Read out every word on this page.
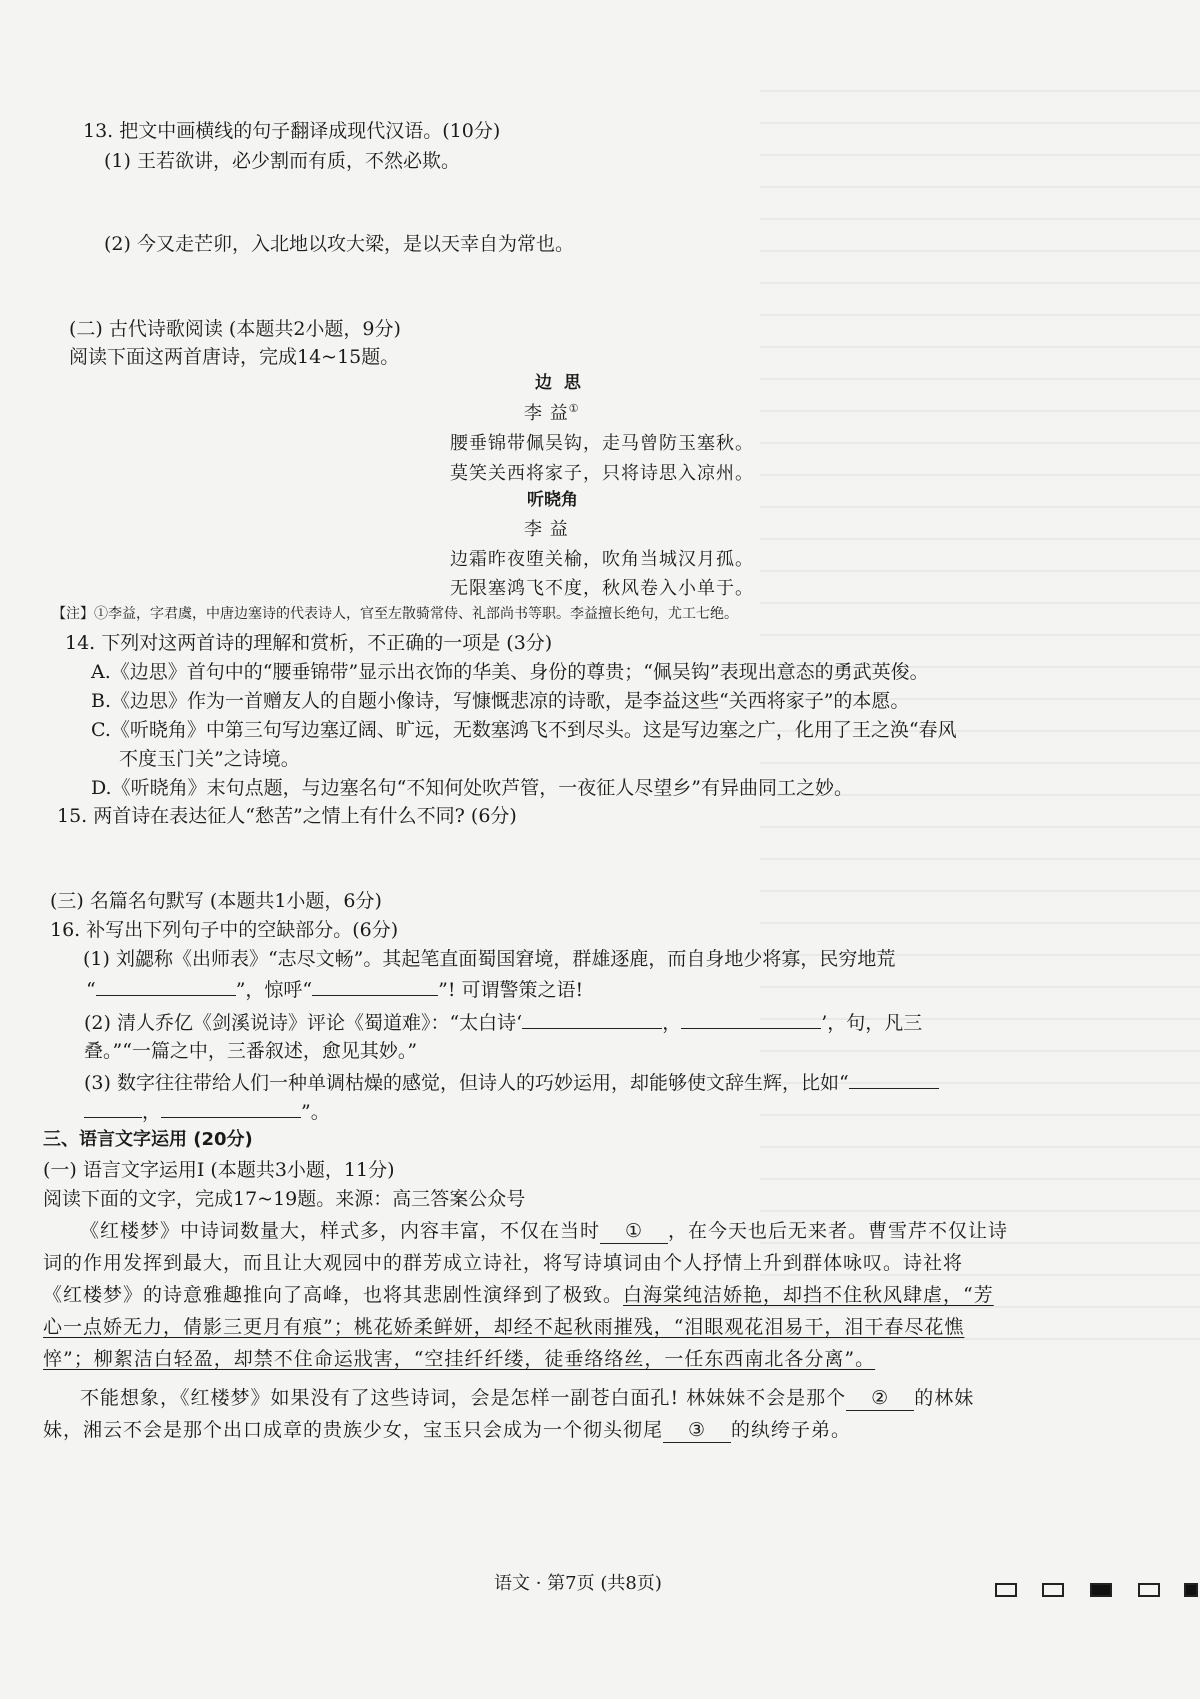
13. 把文中画横线的句子翻译成现代汉语。(10分)
(1) 王若欲讲，必少割而有质，不然必欺。
(2) 今又走芒卯，入北地以攻大梁，是以天幸自为常也。
(二) 古代诗歌阅读 (本题共2小题，9分)
阅读下面这两首唐诗，完成14~15题。
边 思
李 益①
腰垂锦带佩吴钩，走马曾防玉塞秋。
莫笑关西将家子，只将诗思入凉州。
听晓角
李 益
边霜昨夜堕关榆，吹角当城汉月孤。
无限塞鸿飞不度，秋风卷入小单于。
【注】①李益，字君虞，中唐边塞诗的代表诗人，官至左散骑常侍、礼部尚书等职。李益擅长绝句，尤工七绝。
14. 下列对这两首诗的理解和赏析，不正确的一项是 (3分)
A.《边思》首句中的“腰垂锦带”显示出衣饰的华美、身份的尊贵；“佩吴钩”表现出意态的勇武英俊。
B.《边思》作为一首赠友人的自题小像诗，写慷慨悲凉的诗歌，是李益这些“关西将家子”的本愿。
C.《听晓角》中第三句写边塞辽阔、旷远，无数塞鸿飞不到尽头。这是写边塞之广，化用了王之涣“春风
不度玉门关”之诗境。
D.《听晓角》末句点题，与边塞名句“不知何处吹芦管，一夜征人尽望乡”有异曲同工之妙。
15. 两首诗在表达征人“愁苦”之情上有什么不同? (6分)
(三) 名篇名句默写 (本题共1小题，6分)
16. 补写出下列句子中的空缺部分。(6分)
(1) 刘勰称《出师表》“志尽文畅”。其起笔直面蜀国窘境，群雄逐鹿，而自身地少将寡，民穷地荒
“	”，惊呼“	”! 可谓警策之语!
(2) 清人乔亿《剑溪说诗》评论《蜀道难》：“太白诗‘	，	’，句，凡三
叠。”“一篇之中，三番叙述，愈见其妙。”
(3) 数字往往带给人们一种单调枯燥的感觉，但诗人的巧妙运用，却能够使文辞生辉，比如“
，	”。
三、语言文字运用 (20分)
(一) 语言文字运用Ⅰ (本题共3小题，11分)
阅读下面的文字，完成17~19题。来源：高三答案公众号
《红楼梦》中诗词数量大，样式多，内容丰富，不仅在当时 ① ，在今天也后无来者。曹雪芹不仅让诗
词的作用发挥到最大，而且让大观园中的群芳成立诗社，将写诗填词由个人抒情上升到群体咏叹。诗社将
《红楼梦》的诗意雅趣推向了高峰，也将其悲剧性演绎到了极致。白海棠纯洁娇艳，却挡不住秋风肆虐，“芳
心一点娇无力，倩影三更月有痕”；桃花娇柔鲜妍，却经不起秋雨摧残，“泪眼观花泪易干，泪干春尽花憔
悴”；柳絮洁白轻盈，却禁不住命运戕害，“空挂纤纤缕，徒垂络络丝，一任东西南北各分离”。
不能想象，《红楼梦》如果没有了这些诗词，会是怎样一副苍白面孔! 林妹妹不会是那个 ② 的林妹
妹，湘云不会是那个出口成章的贵族少女，宝玉只会成为一个彻头彻尾 ③ 的纨绔子弟。
语文 · 第7页 (共8页)
